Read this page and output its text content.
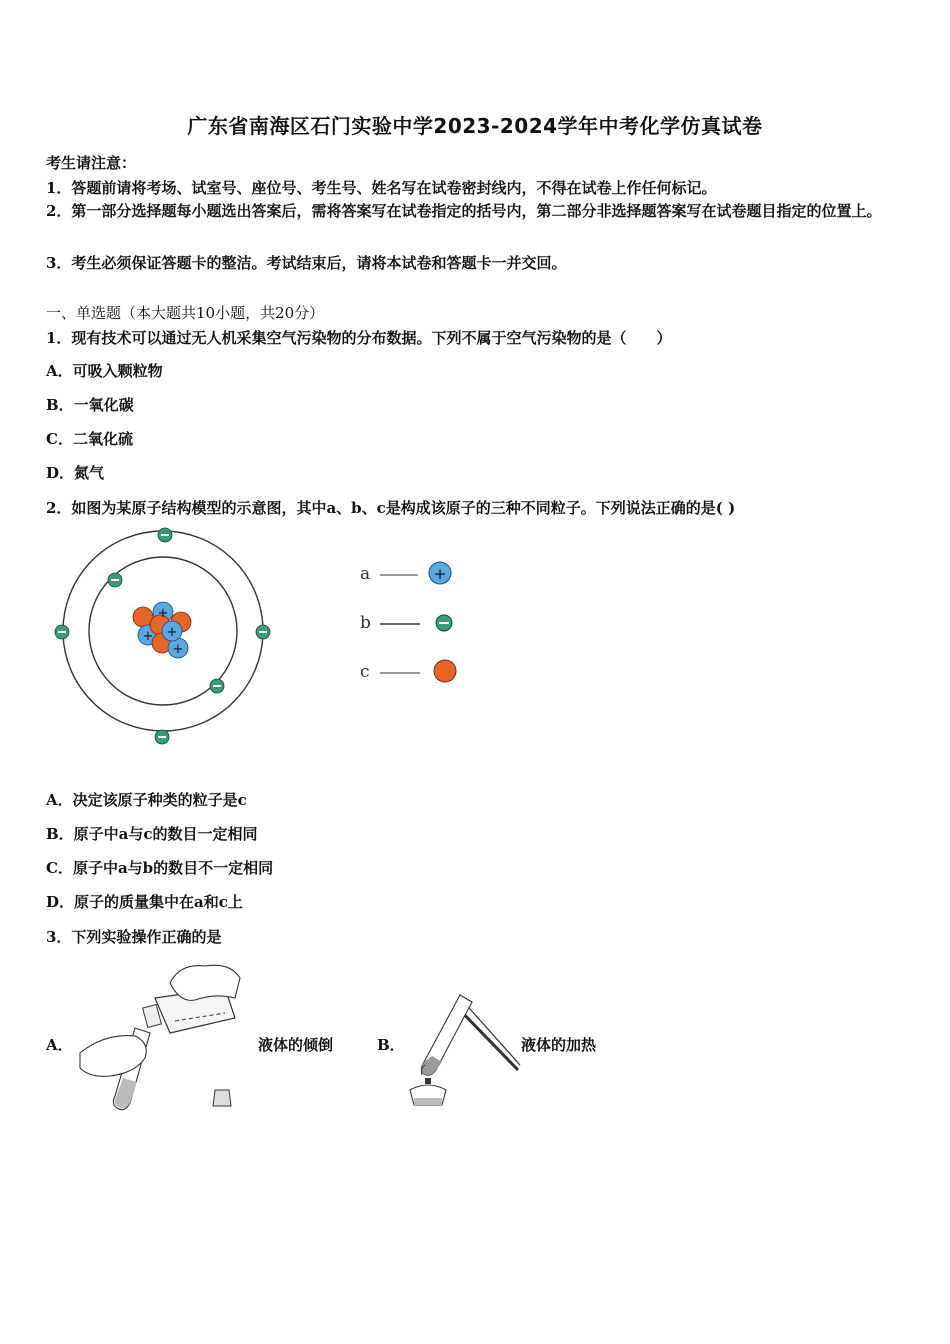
广东省南海区石门实验中学2023-2024学年中考化学仿真试卷
考生请注意：
1．答题前请将考场、试室号、座位号、考生号、姓名写在试卷密封线内，不得在试卷上作任何标记。
2．第一部分选择题每小题选出答案后，需将答案写在试卷指定的括号内，第二部分非选择题答案写在试卷题目指定的位置上。
3．考生必须保证答题卡的整洁。考试结束后，请将本试卷和答题卡一并交回。
一、单选题（本大题共10小题，共20分）
1．现有技术可以通过无人机采集空气污染物的分布数据。下列不属于空气污染物的是（　　）
A．可吸入颗粒物
B．一氧化碳
C．二氧化硫
D．氮气
2．如图为某原子结构模型的示意图，其中a、b、c是构成该原子的三种不同粒子。下列说法正确的是( )
+
+
+
+
a	+
b
c
A．决定该原子种类的粒子是c
B．原子中a与c的数目一定相同
C．原子中a与b的数目不一定相同
D．原子的质量集中在a和c上
3．下列实验操作正确的是
A．	液体的倾倒	B．	液体的加热
